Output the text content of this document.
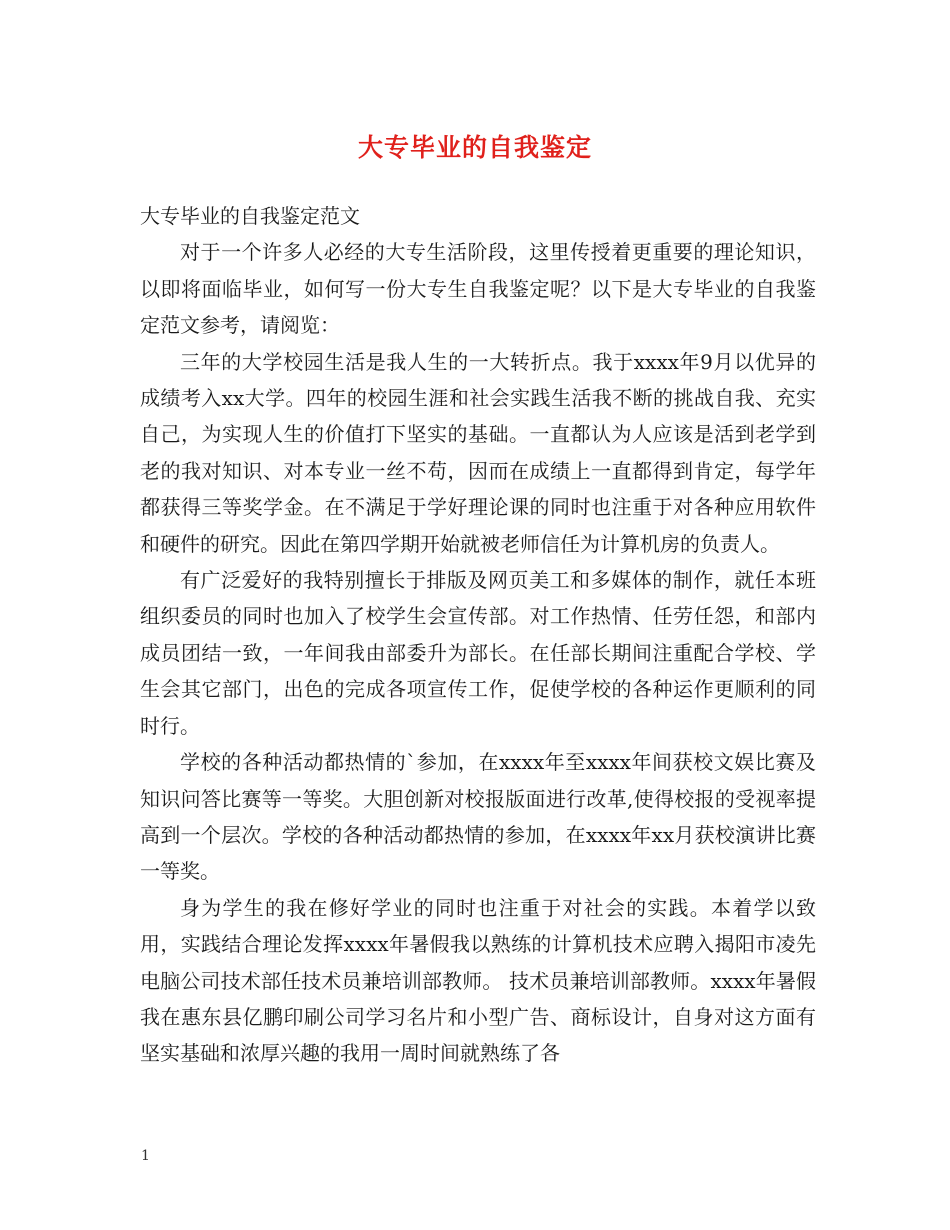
大专毕业的自我鉴定

大专毕业的自我鉴定范文

对于一个许多人必经的大专生活阶段，这里传授着更重要的理论知识，以即将面临毕业，如何写一份大专生自我鉴定呢？以下是大专毕业的自我鉴定范文参考，请阅览：

三年的大学校园生活是我人生的一大转折点。我于xxxx年9月以优异的成绩考入xx大学。四年的校园生涯和社会实践生活我不断的挑战自我、充实自己，为实现人生的价值打下坚实的基础。一直都认为人应该是活到老学到老的我对知识、对本专业一丝不苟，因而在成绩上一直都得到肯定，每学年都获得三等奖学金。在不满足于学好理论课的同时也注重于对各种应用软件和硬件的研究。因此在第四学期开始就被老师信任为计算机房的负责人。

有广泛爱好的我特别擅长于排版及网页美工和多媒体的制作，就任本班组织委员的同时也加入了校学生会宣传部。对工作热情、任劳任怨，和部内成员团结一致，一年间我由部委升为部长。在任部长期间注重配合学校、学生会其它部门，出色的完成各项宣传工作，促使学校的各种运作更顺利的同时行。

学校的各种活动都热情的`参加，在xxxx年至xxxx年间获校文娱比赛及知识问答比赛等一等奖。大胆创新对校报版面进行改革,使得校报的受视率提高到一个层次。学校的各种活动都热情的参加，在xxxx年xx月获校演讲比赛一等奖。

身为学生的我在修好学业的同时也注重于对社会的实践。本着学以致用，实践结合理论发挥xxxx年暑假我以熟练的计算机技术应聘入揭阳市凌先电脑公司技术部任技术员兼培训部教师。 技术员兼培训部教师。xxxx年暑假我在惠东县亿鹏印刷公司学习名片和小型广告、商标设计，自身对这方面有坚实基础和浓厚兴趣的我用一周时间就熟练了各

1
